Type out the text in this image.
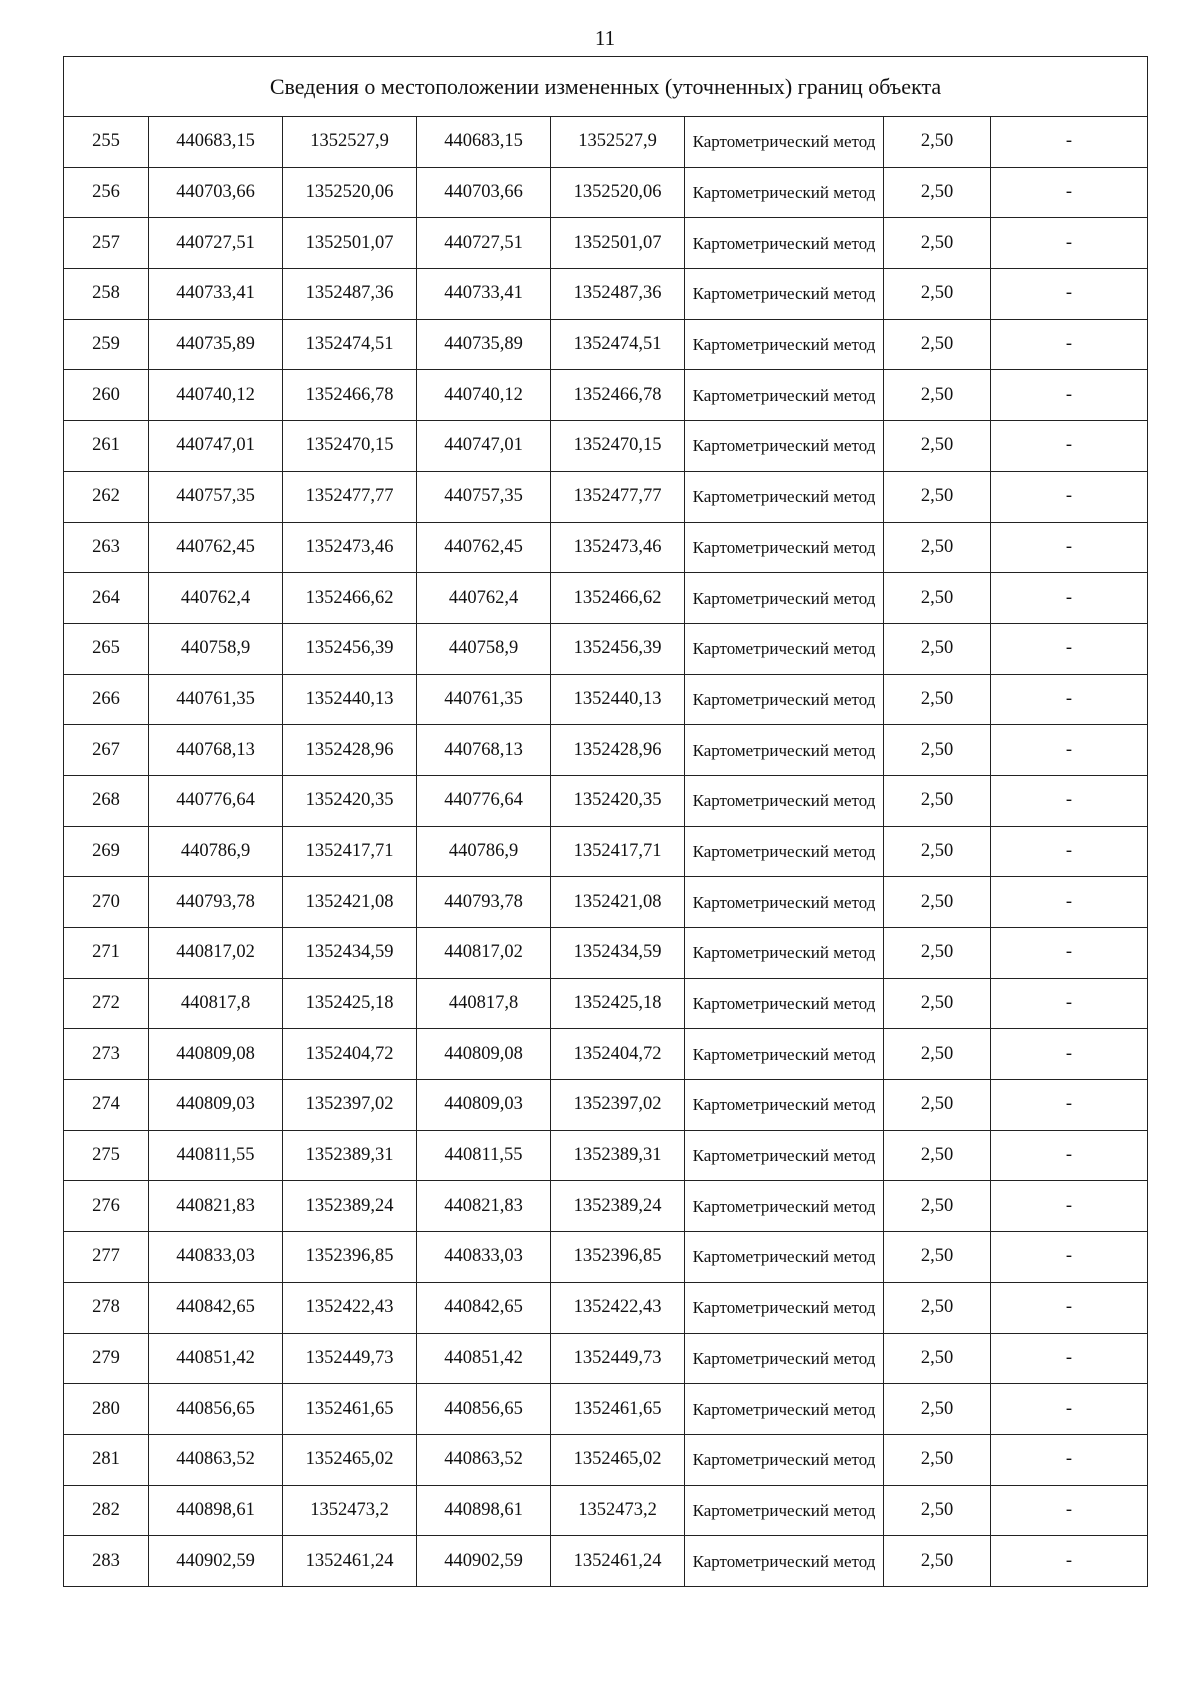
11
Сведения о местоположении измененных (уточненных) границ объекта							
255	440683,15	1352527,9	440683,15	1352527,9	Картометрический метод	2,50	-
256	440703,66	1352520,06	440703,66	1352520,06	Картометрический метод	2,50	-
257	440727,51	1352501,07	440727,51	1352501,07	Картометрический метод	2,50	-
258	440733,41	1352487,36	440733,41	1352487,36	Картометрический метод	2,50	-
259	440735,89	1352474,51	440735,89	1352474,51	Картометрический метод	2,50	-
260	440740,12	1352466,78	440740,12	1352466,78	Картометрический метод	2,50	-
261	440747,01	1352470,15	440747,01	1352470,15	Картометрический метод	2,50	-
262	440757,35	1352477,77	440757,35	1352477,77	Картометрический метод	2,50	-
263	440762,45	1352473,46	440762,45	1352473,46	Картометрический метод	2,50	-
264	440762,4	1352466,62	440762,4	1352466,62	Картометрический метод	2,50	-
265	440758,9	1352456,39	440758,9	1352456,39	Картометрический метод	2,50	-
266	440761,35	1352440,13	440761,35	1352440,13	Картометрический метод	2,50	-
267	440768,13	1352428,96	440768,13	1352428,96	Картометрический метод	2,50	-
268	440776,64	1352420,35	440776,64	1352420,35	Картометрический метод	2,50	-
269	440786,9	1352417,71	440786,9	1352417,71	Картометрический метод	2,50	-
270	440793,78	1352421,08	440793,78	1352421,08	Картометрический метод	2,50	-
271	440817,02	1352434,59	440817,02	1352434,59	Картометрический метод	2,50	-
272	440817,8	1352425,18	440817,8	1352425,18	Картометрический метод	2,50	-
273	440809,08	1352404,72	440809,08	1352404,72	Картометрический метод	2,50	-
274	440809,03	1352397,02	440809,03	1352397,02	Картометрический метод	2,50	-
275	440811,55	1352389,31	440811,55	1352389,31	Картометрический метод	2,50	-
276	440821,83	1352389,24	440821,83	1352389,24	Картометрический метод	2,50	-
277	440833,03	1352396,85	440833,03	1352396,85	Картометрический метод	2,50	-
278	440842,65	1352422,43	440842,65	1352422,43	Картометрический метод	2,50	-
279	440851,42	1352449,73	440851,42	1352449,73	Картометрический метод	2,50	-
280	440856,65	1352461,65	440856,65	1352461,65	Картометрический метод	2,50	-
281	440863,52	1352465,02	440863,52	1352465,02	Картометрический метод	2,50	-
282	440898,61	1352473,2	440898,61	1352473,2	Картометрический метод	2,50	-
283	440902,59	1352461,24	440902,59	1352461,24	Картометрический метод	2,50	-
